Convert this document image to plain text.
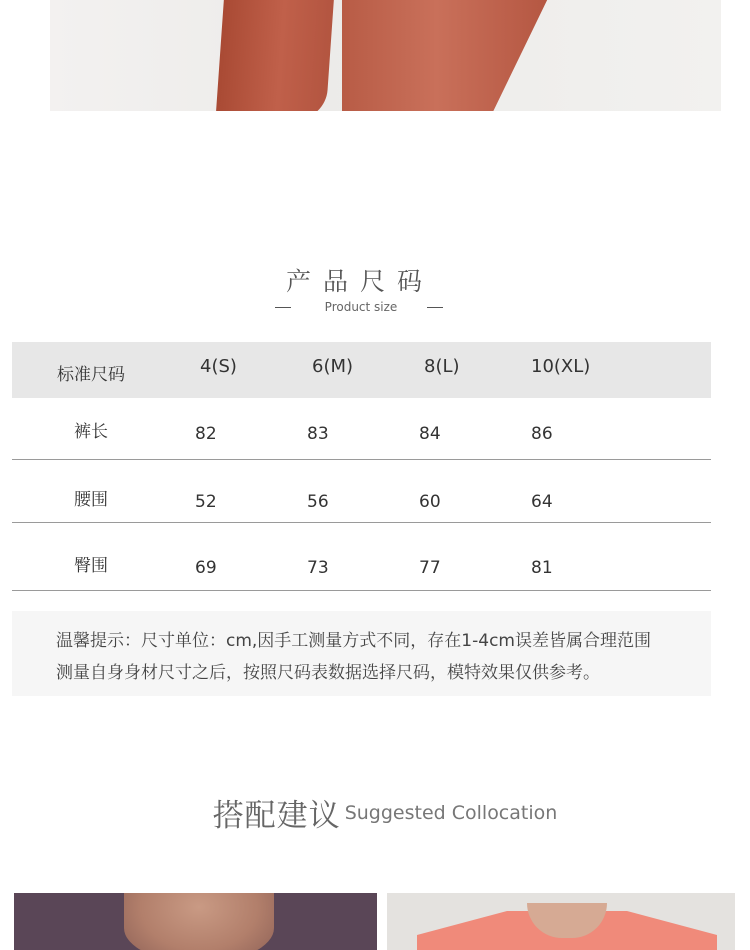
产品尺码
Product size
标准尺码	4(S)	6(M)	8(L)	10(XL)
裤长	82	83	84	86
腰围	52	56	60	64
臀围	69	73	77	81
温馨提示：尺寸单位：cm,因手工测量方式不同，存在1-4cm误差皆属合理范围
测量自身身材尺寸之后，按照尺码表数据选择尺码，模特效果仅供参考。
搭配建议 Suggested Collocation
